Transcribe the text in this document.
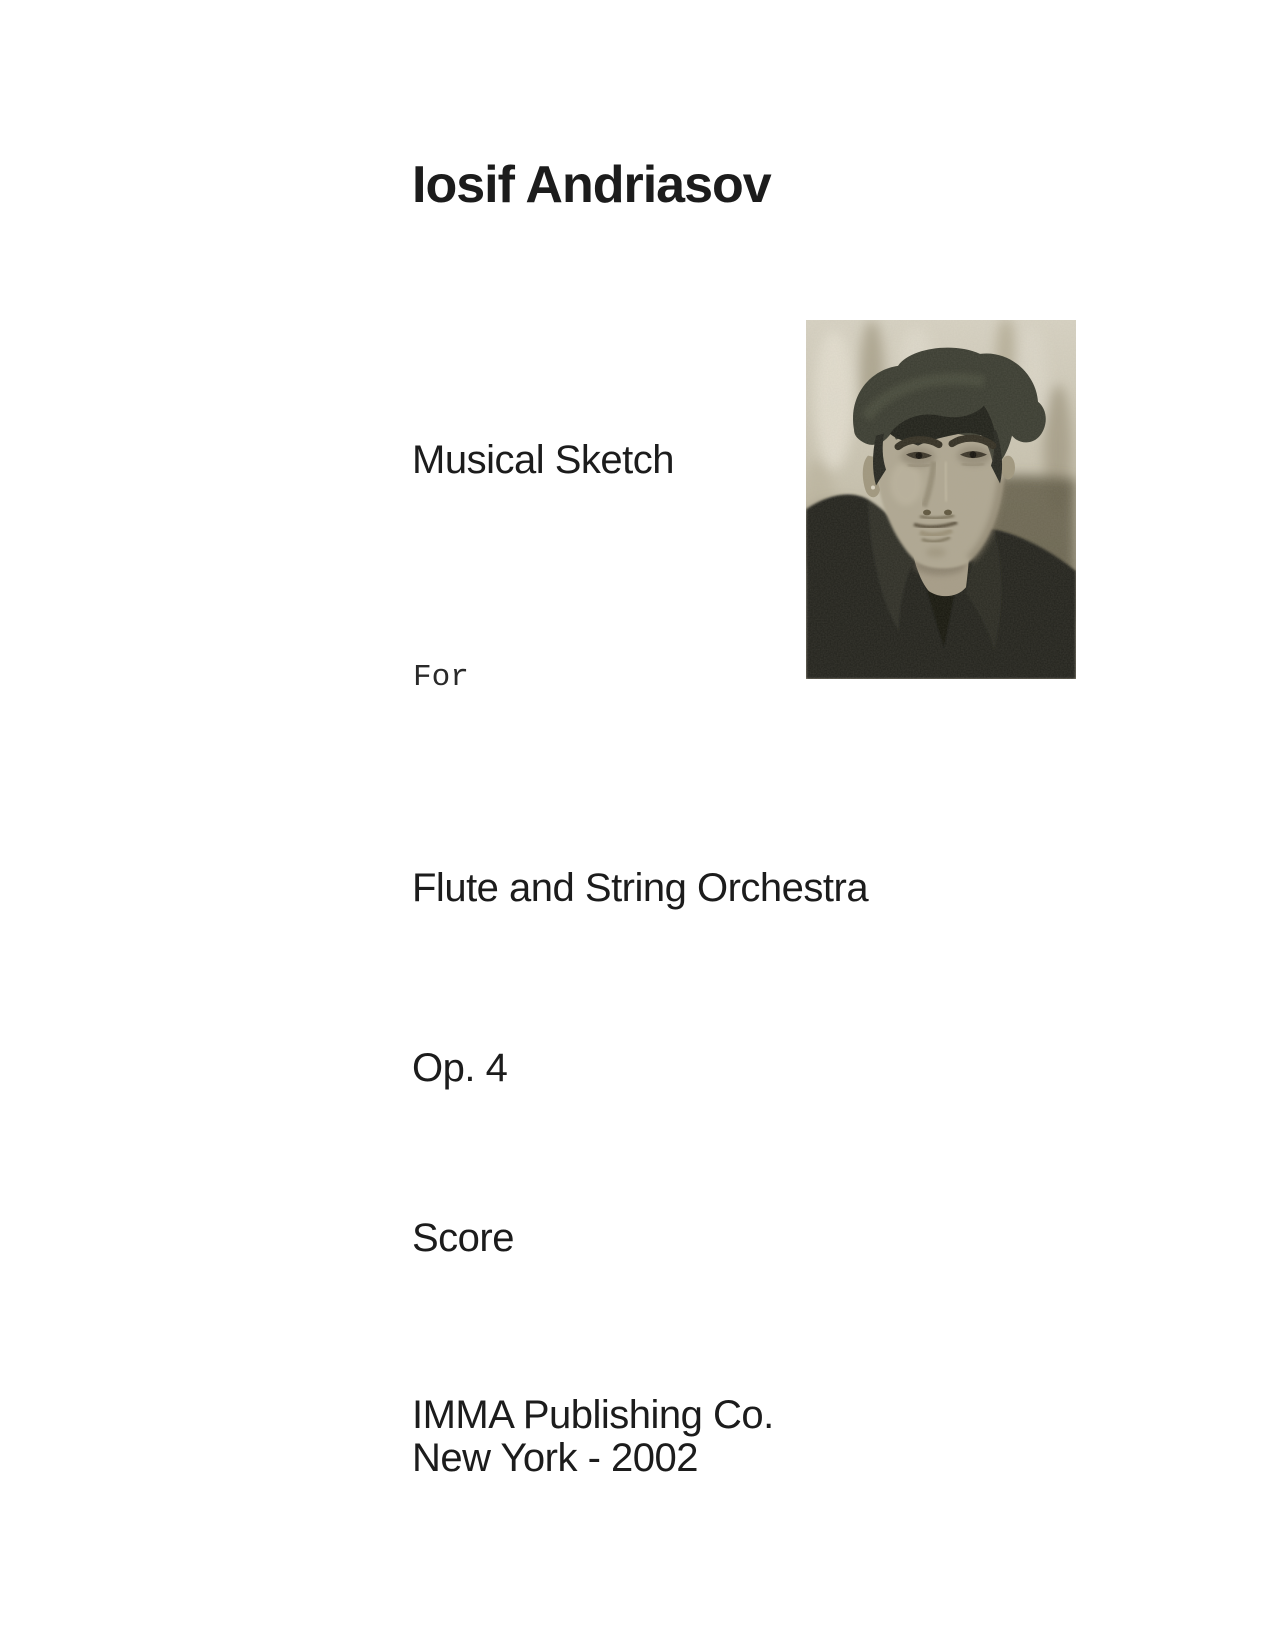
Iosif Andriasov
Musical Sketch
For
Flute and String Orchestra
Op. 4
Score
IMMA Publishing Co.
New York - 2002
